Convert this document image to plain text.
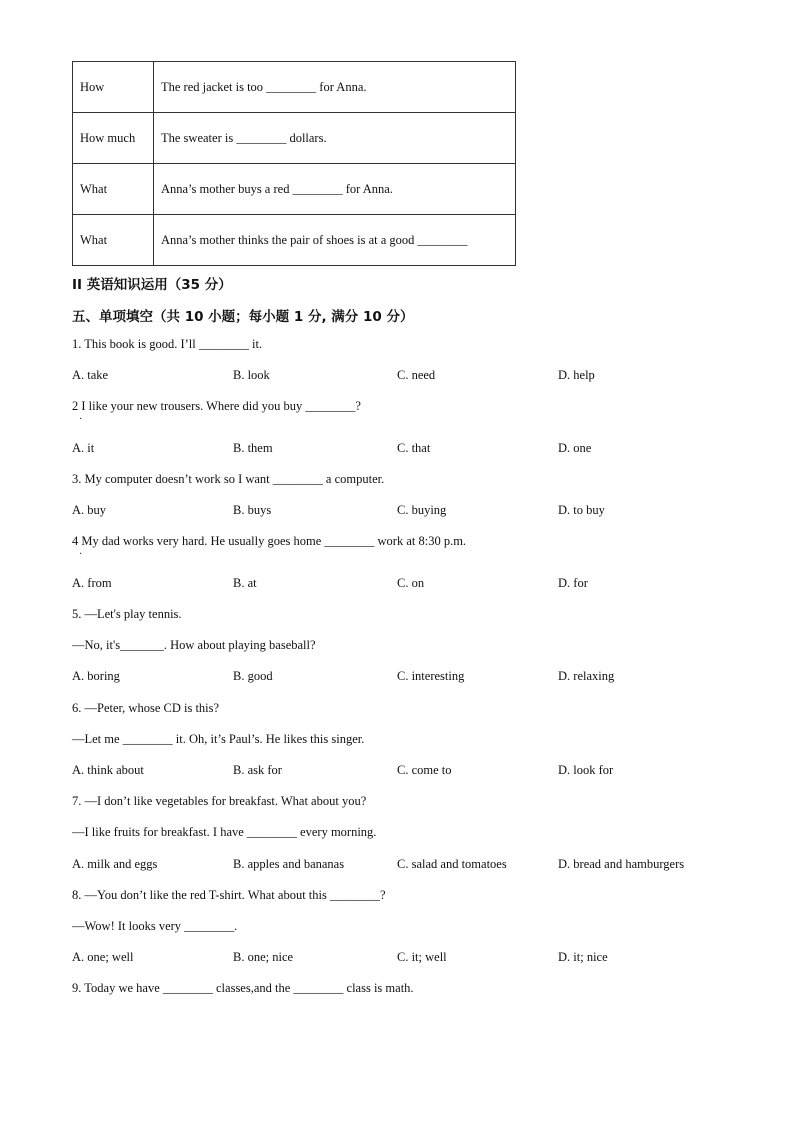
How	The red jacket is too ________ for Anna.
How much	The sweater is ________ dollars.
What	Anna’s mother buys a red ________ for Anna.
What	Anna’s mother thinks the pair of shoes is at a good ________
II 英语知识运用（35 分）
五、单项填空（共 10 小题；每小题 1 分, 满分 10 分）
1. This book is good. I’ll ________ it.
A. take	B. look	C. need	D. help
2 I like your new trousers. Where did you buy ________?
·
A. it	B. them	C. that	D. one
3. My computer doesn’t work so I want ________ a computer.
A. buy	B. buys	C. buying	D. to buy
4 My dad works very hard. He usually goes home ________ work at 8:30 p.m.
·
A. from	B. at	C. on	D. for
5. —Let's play tennis.
—No, it's_______. How about playing baseball?
A. boring	B. good	C. interesting	D. relaxing
6. —Peter, whose CD is this?
—Let me ________ it. Oh, it’s Paul’s. He likes this singer.
A. think about	B. ask for	C. come to	D. look for
7. —I don’t like vegetables for breakfast. What about you?
—I like fruits for breakfast. I have ________ every morning.
A. milk and eggs	B. apples and bananas	C. salad and tomatoes	D. bread and hamburgers
8. —You don’t like the red T-shirt. What about this ________?
—Wow! It looks very ________.
A. one; well	B. one; nice	C. it; well	D. it; nice
9. Today we have ________ classes,and the ________ class is math.
